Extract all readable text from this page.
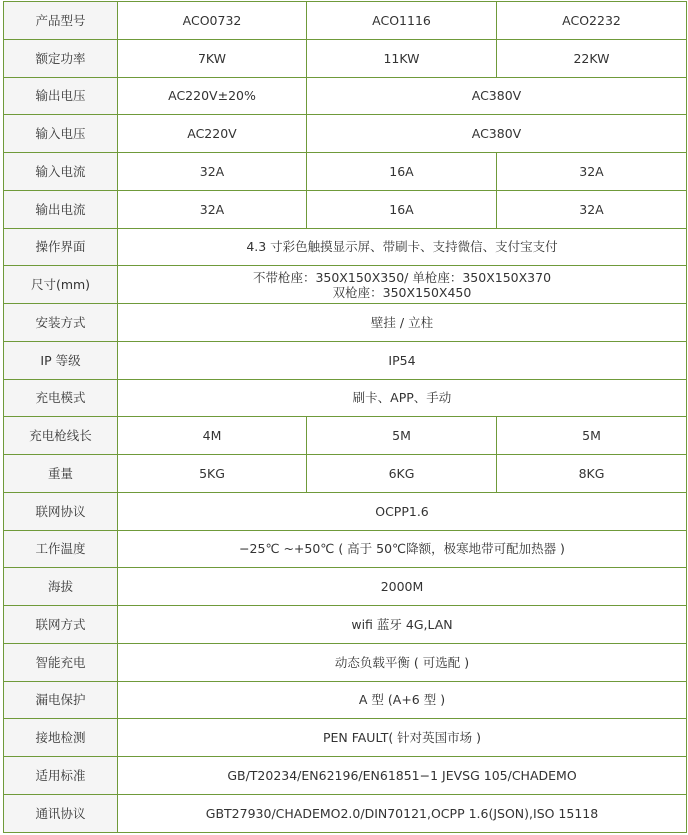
产品型号	ACO0732	ACO1116	ACO2232
额定功率	7KW	11KW	22KW
输出电压	AC220V±20%	AC380V	
输入电压	AC220V	AC380V	
输入电流	32A	16A	32A
输出电流	32A	16A	32A
操作界面	4.3 寸彩色触摸显示屏、带刷卡、支持微信、支付宝支付		
尺寸(mm)	不带枪座：350X150X350/ 单枪座：350X150X370
双枪座：350X150X450		

安装方式	壁挂 / 立柱		
IP 等级	IP54		
充电模式	刷卡、APP、手动		
充电枪线长	4M	5M	5M
重量	5KG	6KG	8KG
联网协议	OCPP1.6		
工作温度	−25℃ ~+50℃ ( 高于 50℃降额，极寒地带可配加热器 )		
海拔	2000M		
联网方式	wifi 蓝牙 4G,LAN		
智能充电	动态负载平衡 ( 可选配 )		
漏电保护	A 型 (A+6 型 )		
接地检测	PEN FAULT( 针对英国市场 )		
适用标准	GB/T20234/EN62196/EN61851−1 JEVSG 105/CHADEMO		
通讯协议	GBT27930/CHADEMO2.0/DIN70121,OCPP 1.6(JSON),ISO 15118		
